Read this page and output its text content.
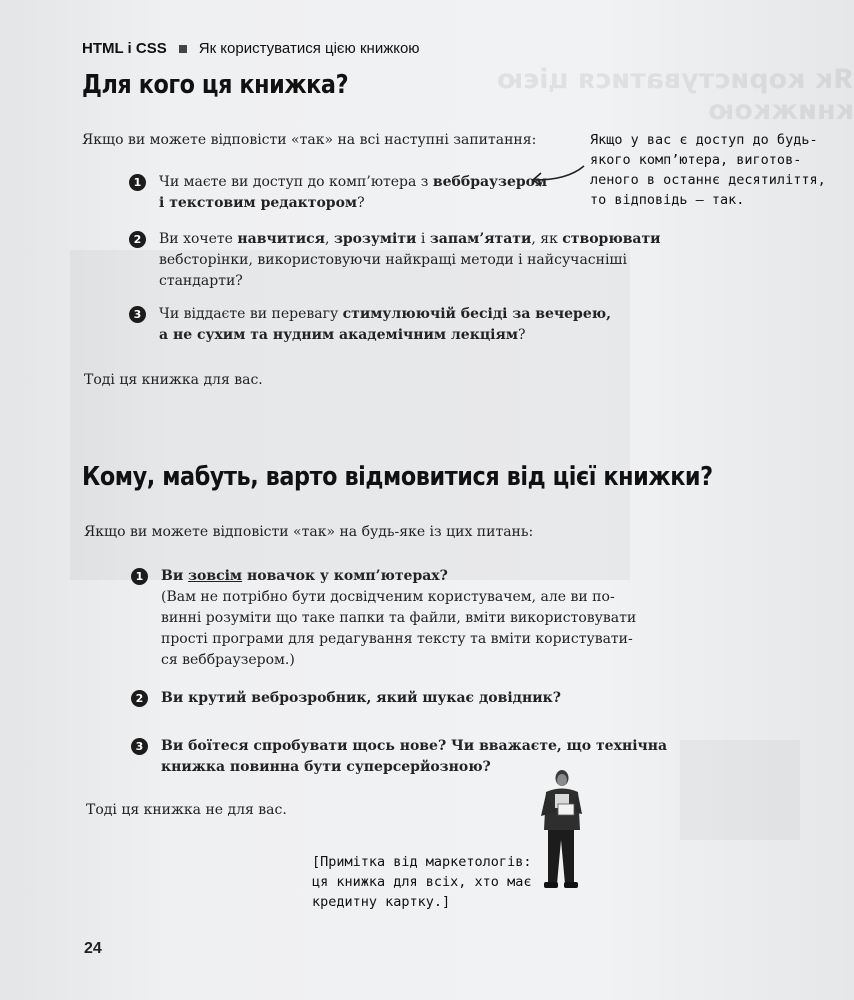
Як користуватися цією книжкою
HTML і CSS Як користуватися цією книжкою
Для кого ця книжка?
Якщо ви можете відповісти «так» на всі наступні запитання:
1	Чи маєте ви доступ до комп’ютера з веббраузером
і текстовим редактором?
2	Ви хочете навчитися, зрозуміти і запам’ятати, як створювати
вебсторінки, використовуючи найкращі методи і найсучасніші
стандарти?
3	Чи віддаєте ви перевагу стимулюючій бесіді за вечерею,
а не сухим та нудним академічним лекціям?
Якщо у вас є доступ до будь-
якого комп’ютера, виготов-
леного в останнє десятиліття,
то відповідь — так.
Тоді ця книжка для вас.
Кому, мабуть, варто відмовитися від цієї книжки?
Якщо ви можете відповісти «так» на будь-яке із цих питань:
1	Ви зовсім новачок у комп’ютерах?
(Вам не потрібно бути досвідченим користувачем, але ви по-
винні розуміти що таке папки та файли, вміти використовувати
прості програми для редагування тексту та вміти користувати-
ся веббраузером.)
2	Ви крутий веброзробник, який шукає довідник?
3	Ви боїтеся спробувати щось нове? Чи вважаєте, що технічна
книжка повинна бути суперсерйозною?
Тоді ця книжка не для вас.
[Примітка від маркетологів:
ця книжка для всіх, хто має
кредитну картку.]
24
